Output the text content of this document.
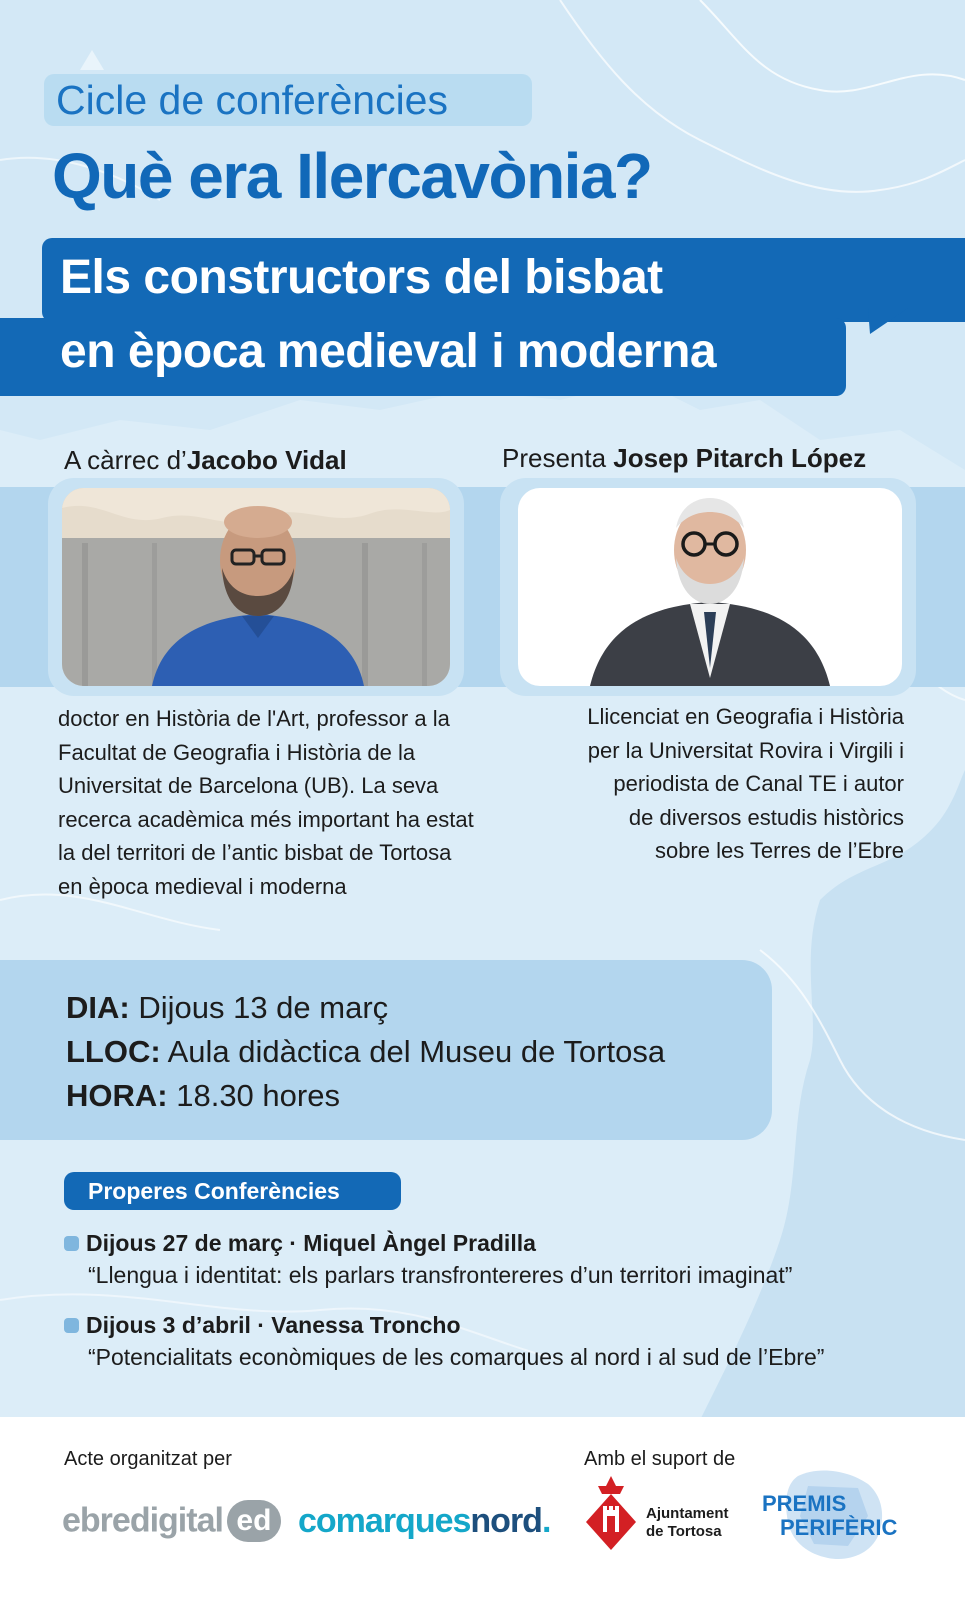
Cicle de conferències
Què era Ilercavònia?
Els constructors del bisbat
en època medieval i moderna
A càrrec d’Jacobo Vidal	Presenta Josep Pitarch López
doctor en Història de l'Art, professor a la Facultat de Geografia i Història de la Universitat de Barcelona (UB). La seva recerca acadèmica més important ha estat la del territori de l’antic bisbat de Tortosa en època medieval i moderna
Llicenciat en Geografia i Història
per la Universitat Rovira i Virgili i
periodista de Canal TE i autor
de diversos estudis històrics
sobre les Terres de l’Ebre
DIA: Dijous 13 de març
LLOC: Aula didàctica del Museu de Tortosa
HORA: 18.30 hores
Properes Conferències
Dijous 27 de març · Miquel Àngel Pradilla
“Llengua i identitat: els parlars transfrontereres d’un territori imaginat”
Dijous 3 d’abril · Vanessa Troncho
“Potencialitats econòmiques de les comarques al nord i al sud de l’Ebre”
Acte organitzat per	Amb el suport de
ebredigital ed comarquesnord.	Ajuntament
de Tortosa
PREMIS
PERIFÈRIC
